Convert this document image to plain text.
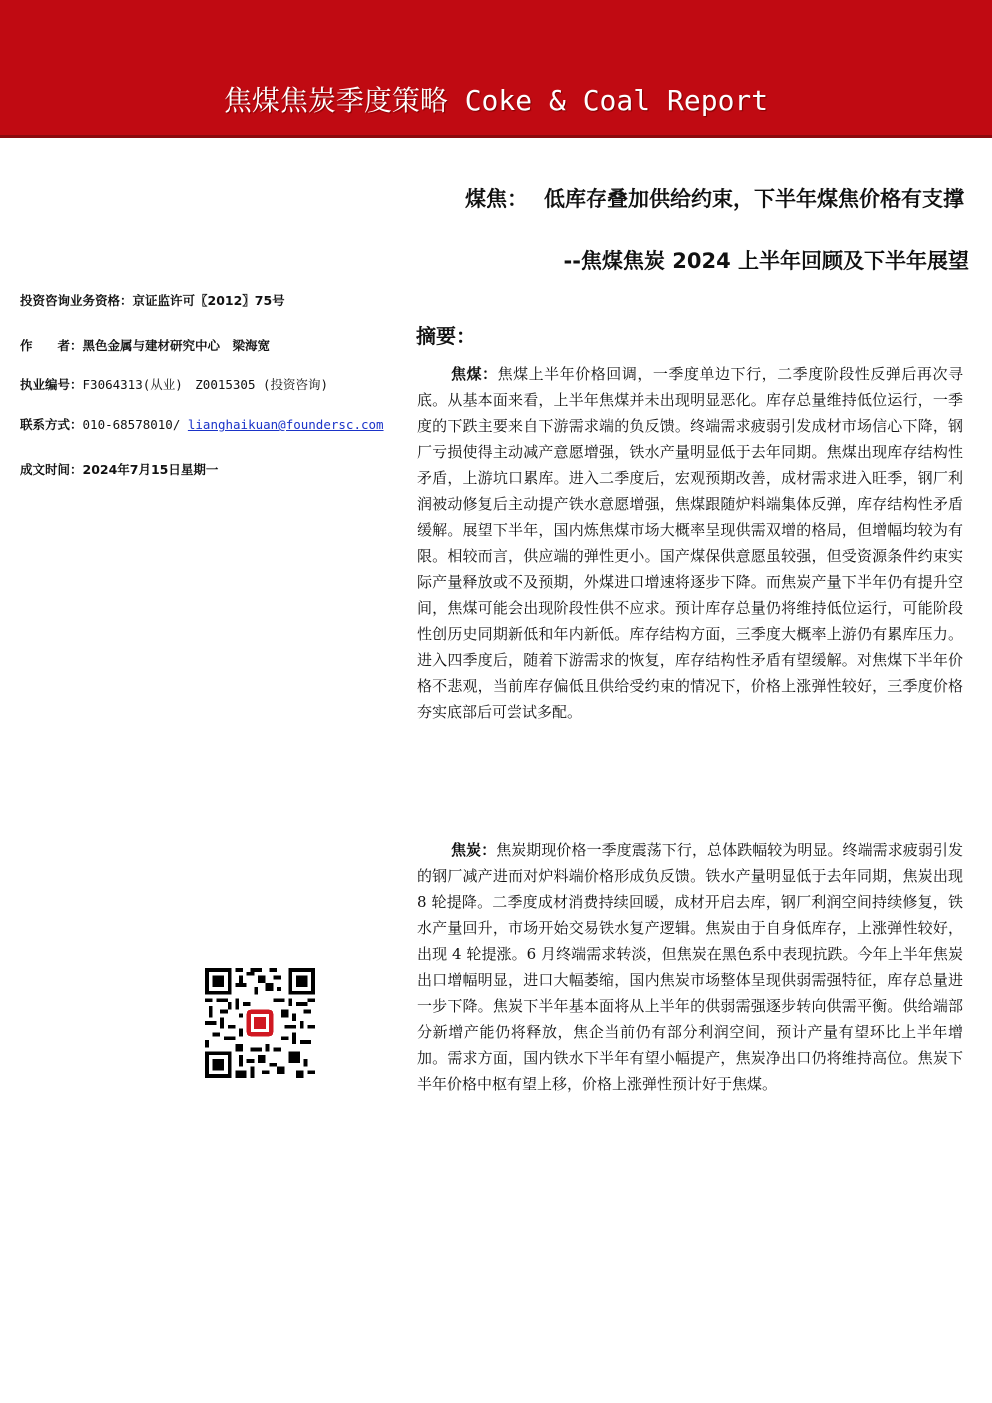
焦煤焦炭季度策略 Coke & Coal Report
煤焦： 低库存叠加供给约束，下半年煤焦价格有支撑
--焦煤焦炭 2024 上半年回顾及下半年展望
投资咨询业务资格：京证监许可〖2012〗75号
作　　者：黑色金属与建材研究中心　梁海宽
执业编号：F3064313(从业)　Z0015305 (投资咨询)
联系方式：010-68578010/ lianghaikuan@foundersc.com
成文时间：2024年7月15日星期一
摘要：
焦煤：焦煤上半年价格回调，一季度单边下行，二季度阶段性反弹后再次寻底。从基本面来看，上半年焦煤并未出现明显恶化。库存总量维持低位运行，一季度的下跌主要来自下游需求端的负反馈。终端需求疲弱引发成材市场信心下降，钢厂亏损使得主动减产意愿增强，铁水产量明显低于去年同期。焦煤出现库存结构性矛盾，上游坑口累库。进入二季度后，宏观预期改善，成材需求进入旺季，钢厂利润被动修复后主动提产铁水意愿增强，焦煤跟随炉料端集体反弹，库存结构性矛盾缓解。展望下半年，国内炼焦煤市场大概率呈现供需双增的格局，但增幅均较为有限。相较而言，供应端的弹性更小。国产煤保供意愿虽较强，但受资源条件约束实际产量释放或不及预期，外煤进口增速将逐步下降。而焦炭产量下半年仍有提升空间，焦煤可能会出现阶段性供不应求。预计库存总量仍将维持低位运行，可能阶段性创历史同期新低和年内新低。库存结构方面，三季度大概率上游仍有累库压力。进入四季度后，随着下游需求的恢复，库存结构性矛盾有望缓解。对焦煤下半年价格不悲观，当前库存偏低且供给受约束的情况下，价格上涨弹性较好，三季度价格夯实底部后可尝试多配。
焦炭：焦炭期现价格一季度震荡下行，总体跌幅较为明显。终端需求疲弱引发的钢厂减产进而对炉料端价格形成负反馈。铁水产量明显低于去年同期，焦炭出现 8 轮提降。二季度成材消费持续回暖，成材开启去库，钢厂利润空间持续修复，铁水产量回升，市场开始交易铁水复产逻辑。焦炭由于自身低库存，上涨弹性较好，出现 4 轮提涨。6 月终端需求转淡，但焦炭在黑色系中表现抗跌。今年上半年焦炭出口增幅明显，进口大幅萎缩，国内焦炭市场整体呈现供弱需强特征，库存总量进一步下降。焦炭下半年基本面将从上半年的供弱需强逐步转向供需平衡。供给端部分新增产能仍将释放，焦企当前仍有部分利润空间，预计产量有望环比上半年增加。需求方面，国内铁水下半年有望小幅提产，焦炭净出口仍将维持高位。焦炭下半年价格中枢有望上移，价格上涨弹性预计好于焦煤。
